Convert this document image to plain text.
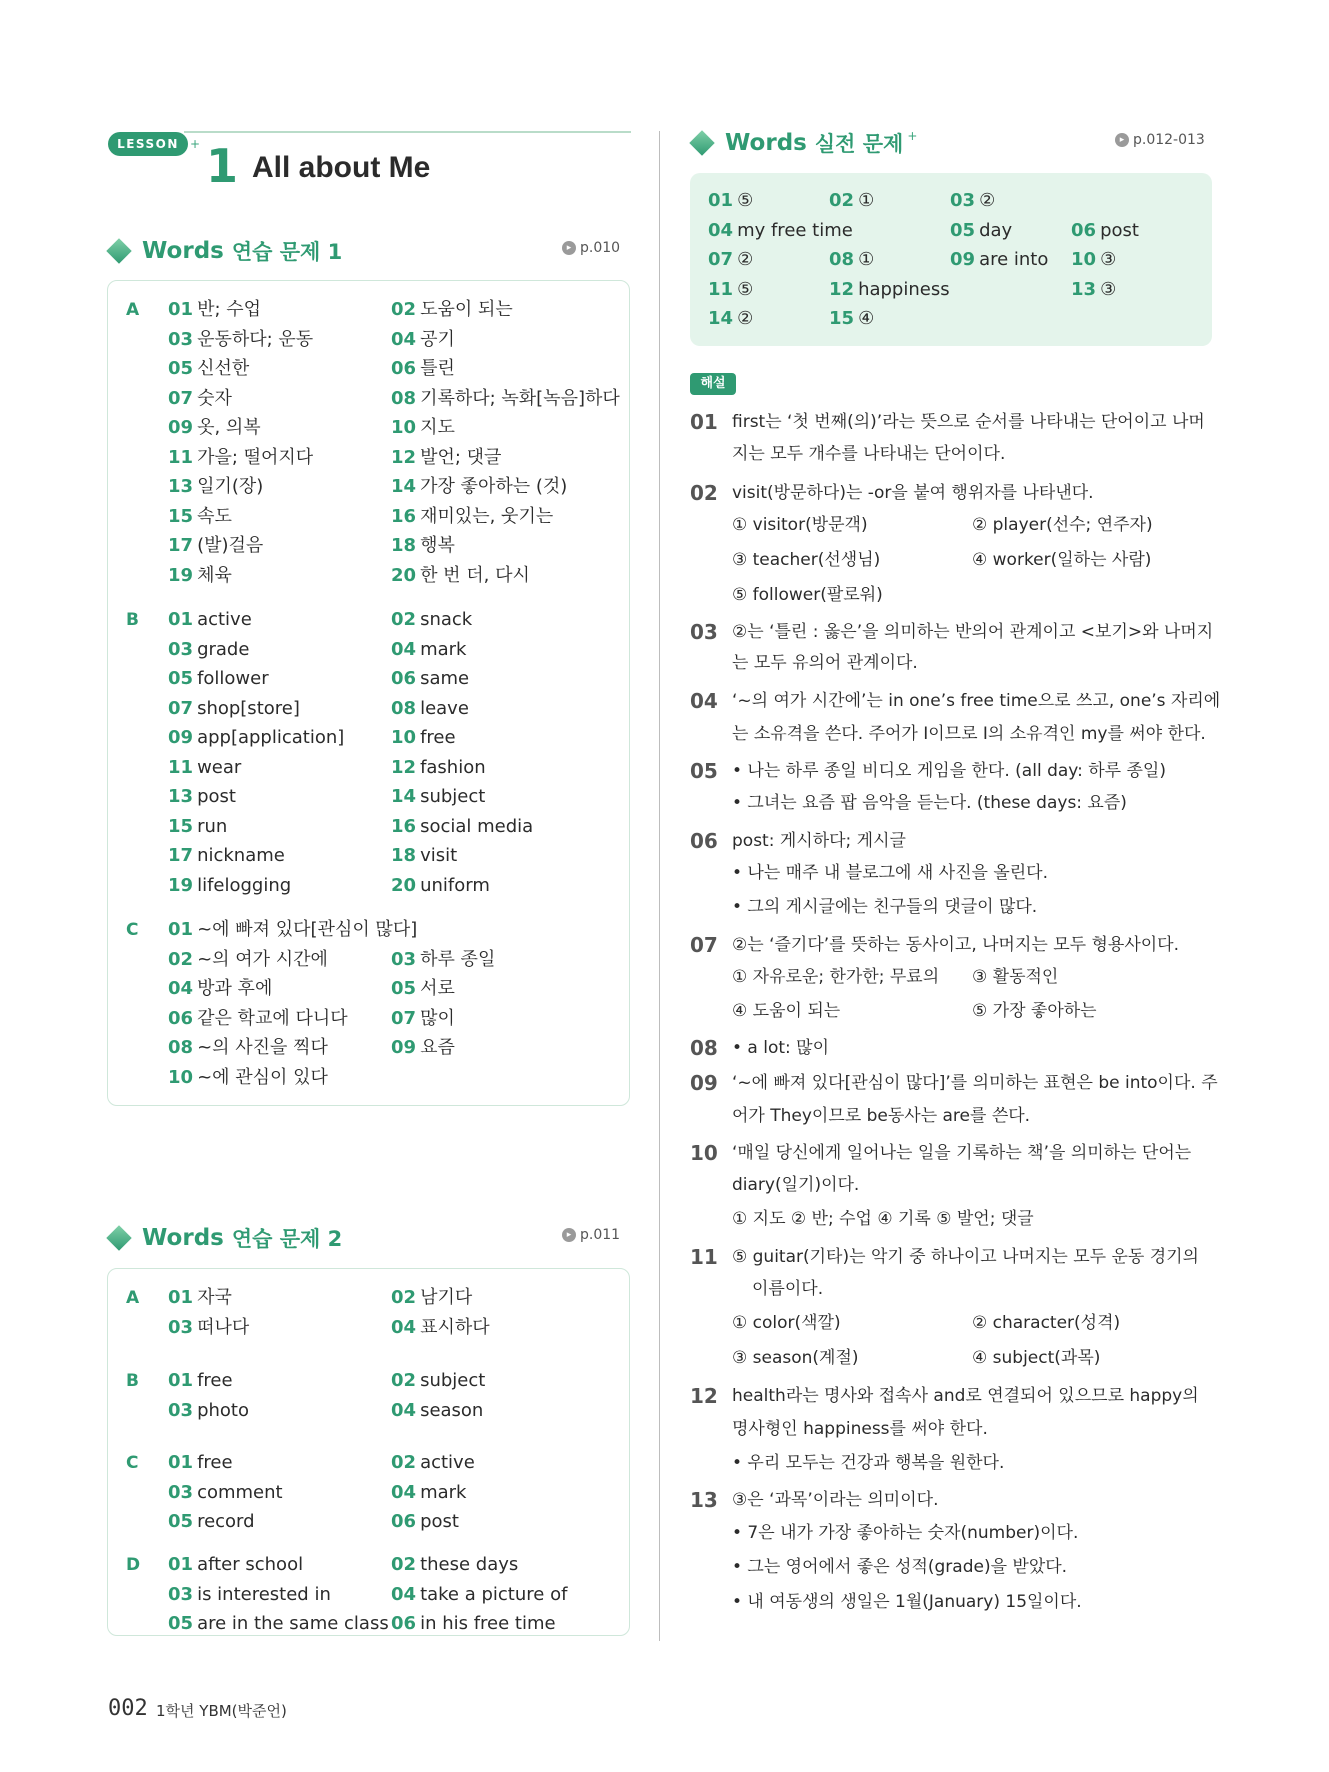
LESSON + 1 All about Me
Words 연습 문제 1	▸ p.010
A 01 반; 수업	02 도움이 되는
03 운동하다; 운동	04 공기
05 신선한	06 틀린
07 숫자	08 기록하다; 녹화[녹음]하다
09 옷, 의복	10 지도
11 가을; 떨어지다	12 발언; 댓글
13 일기(장)	14 가장 좋아하는 (것)
15 속도	16 재미있는, 웃기는
17 (발)걸음	18 행복
19 체육	20 한 번 더, 다시
B 01 active	02 snack
03 grade	04 mark
05 follower	06 same
07 shop[store]	08 leave
09 app[application]	10 free
11 wear	12 fashion
13 post	14 subject
15 run	16 social media
17 nickname	18 visit
19 lifelogging	20 uniform
C 01 ~에 빠져 있다[관심이 많다]
02 ~의 여가 시간에	03 하루 종일
04 방과 후에	05 서로
06 같은 학교에 다니다 07 많이
08 ~의 사진을 찍다	09 요즘
10 ~에 관심이 있다
Words 연습 문제 2	▸ p.011
A 01 자국	02 남기다
03 떠나다	04 표시하다
B 01 free	02 subject
03 photo	04 season
C 01 free	02 active
03 comment	04 mark
05 record	06 post
D 01 after school	02 these days
03 is interested in	04 take a picture of
05 are in the same class 06 in his free time
Words 실전 문제 +	▸ p.012-013
01 ⑤	02 ①	03 ②
04 my free time	05 day	06 post
07 ②	08 ①	09 are into 10 ③
11 ⑤	12 happiness	13 ③
14 ②	15 ④
해설
01 first는 ‘첫 번째(의)’라는 뜻으로 순서를 나타내는 단어이고 나머
지는 모두 개수를 나타내는 단어이다.
02 visit(방문하다)는 -or을 붙여 행위자를 나타낸다.
① visitor(방문객)	② player(선수; 연주자)
③ teacher(선생님)	④ worker(일하는 사람)
⑤ follower(팔로워)
03 ②는 ‘틀린 : 옳은’을 의미하는 반의어 관계이고 <보기>와 나머지
는 모두 유의어 관계이다.
04 ‘~의 여가 시간에’는 in one’s free time으로 쓰고, one’s 자리에
는 소유격을 쓴다. 주어가 I이므로 I의 소유격인 my를 써야 한다.
05 • 나는 하루 종일 비디오 게임을 한다. (all day: 하루 종일)
• 그녀는 요즘 팝 음악을 듣는다. (these days: 요즘)
06 post: 게시하다; 게시글
• 나는 매주 내 블로그에 새 사진을 올린다.
• 그의 게시글에는 친구들의 댓글이 많다.
07 ②는 ‘즐기다’를 뜻하는 동사이고, 나머지는 모두 형용사이다.
① 자유로운; 한가한; 무료의 ③ 활동적인
④ 도움이 되는	⑤ 가장 좋아하는
08 • a lot: 많이
09 ‘~에 빠져 있다[관심이 많다]’를 의미하는 표현은 be into이다. 주
어가 They이므로 be동사는 are를 쓴다.
10 ‘매일 당신에게 일어나는 일을 기록하는 책’을 의미하는 단어는
diary(일기)이다.
① 지도 ② 반; 수업 ④ 기록 ⑤ 발언; 댓글
11 ⑤ guitar(기타)는 악기 중 하나이고 나머지는 모두 운동 경기의
이름이다.
① color(색깔)	② character(성격)
③ season(계절)	④ subject(과목)
12 health라는 명사와 접속사 and로 연결되어 있으므로 happy의
명사형인 happiness를 써야 한다.
• 우리 모두는 건강과 행복을 원한다.
13 ③은 ‘과목’이라는 의미이다.
• 7은 내가 가장 좋아하는 숫자(number)이다.
• 그는 영어에서 좋은 성적(grade)을 받았다.
• 내 여동생의 생일은 1월(January) 15일이다.
002 1학년 YBM(박준언)
